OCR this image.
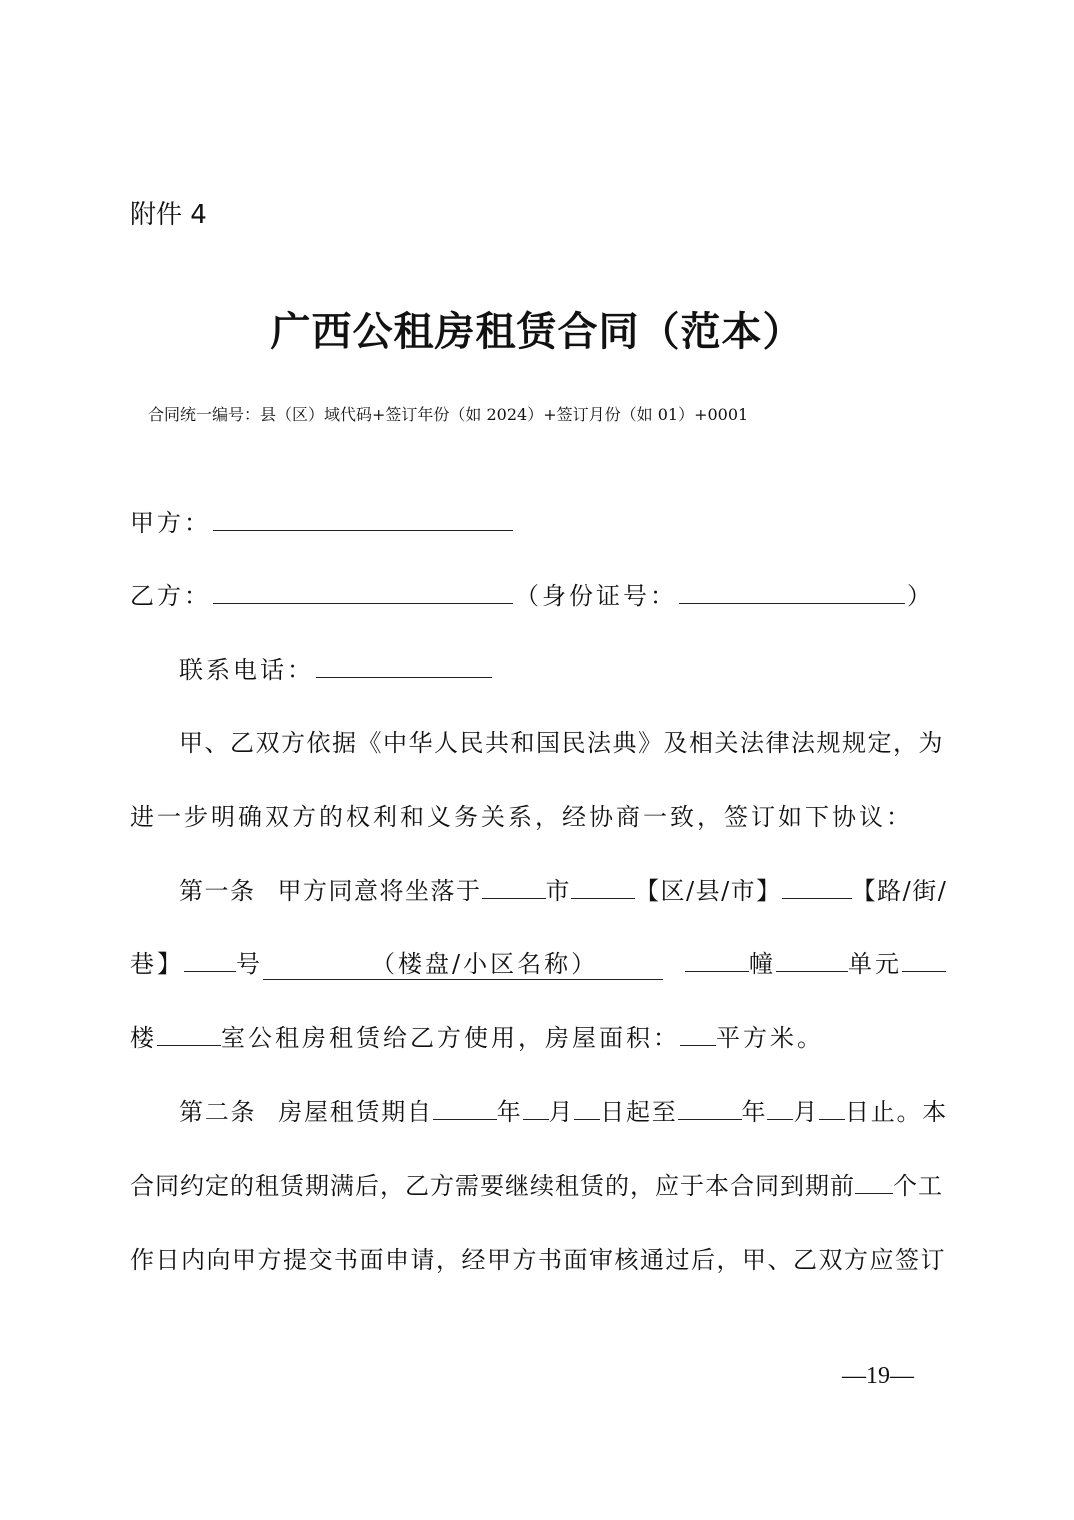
附件 4
广西公租房租赁合同（范本）
合同统一编号：县（区）域代码+签订年份（如 2024）+签订月份（如 01）+0001
甲方：
乙方：	（身份证号：	）
联系电话：
甲、乙双方依据《中华人民共和国民法典》及相关法律法规规定，为
进一步明确双方的权利和义务关系，经协商一致，签订如下协议：
第一条 甲方同意将坐落于	市	【区/县/市】	【路/街/
巷】 号	（楼盘/小区名称）	幢	单元
楼	室公租房租赁给乙方使用，房屋面积： 平方米。
第二条 房屋租赁期自	年 月 日起至	年 月 日止。本
合同约定的租赁期满后，乙方需要继续租赁的，应于本合同到期前 个工
作日内向甲方提交书面申请，经甲方书面审核通过后，甲、乙双方应签订
—19—
